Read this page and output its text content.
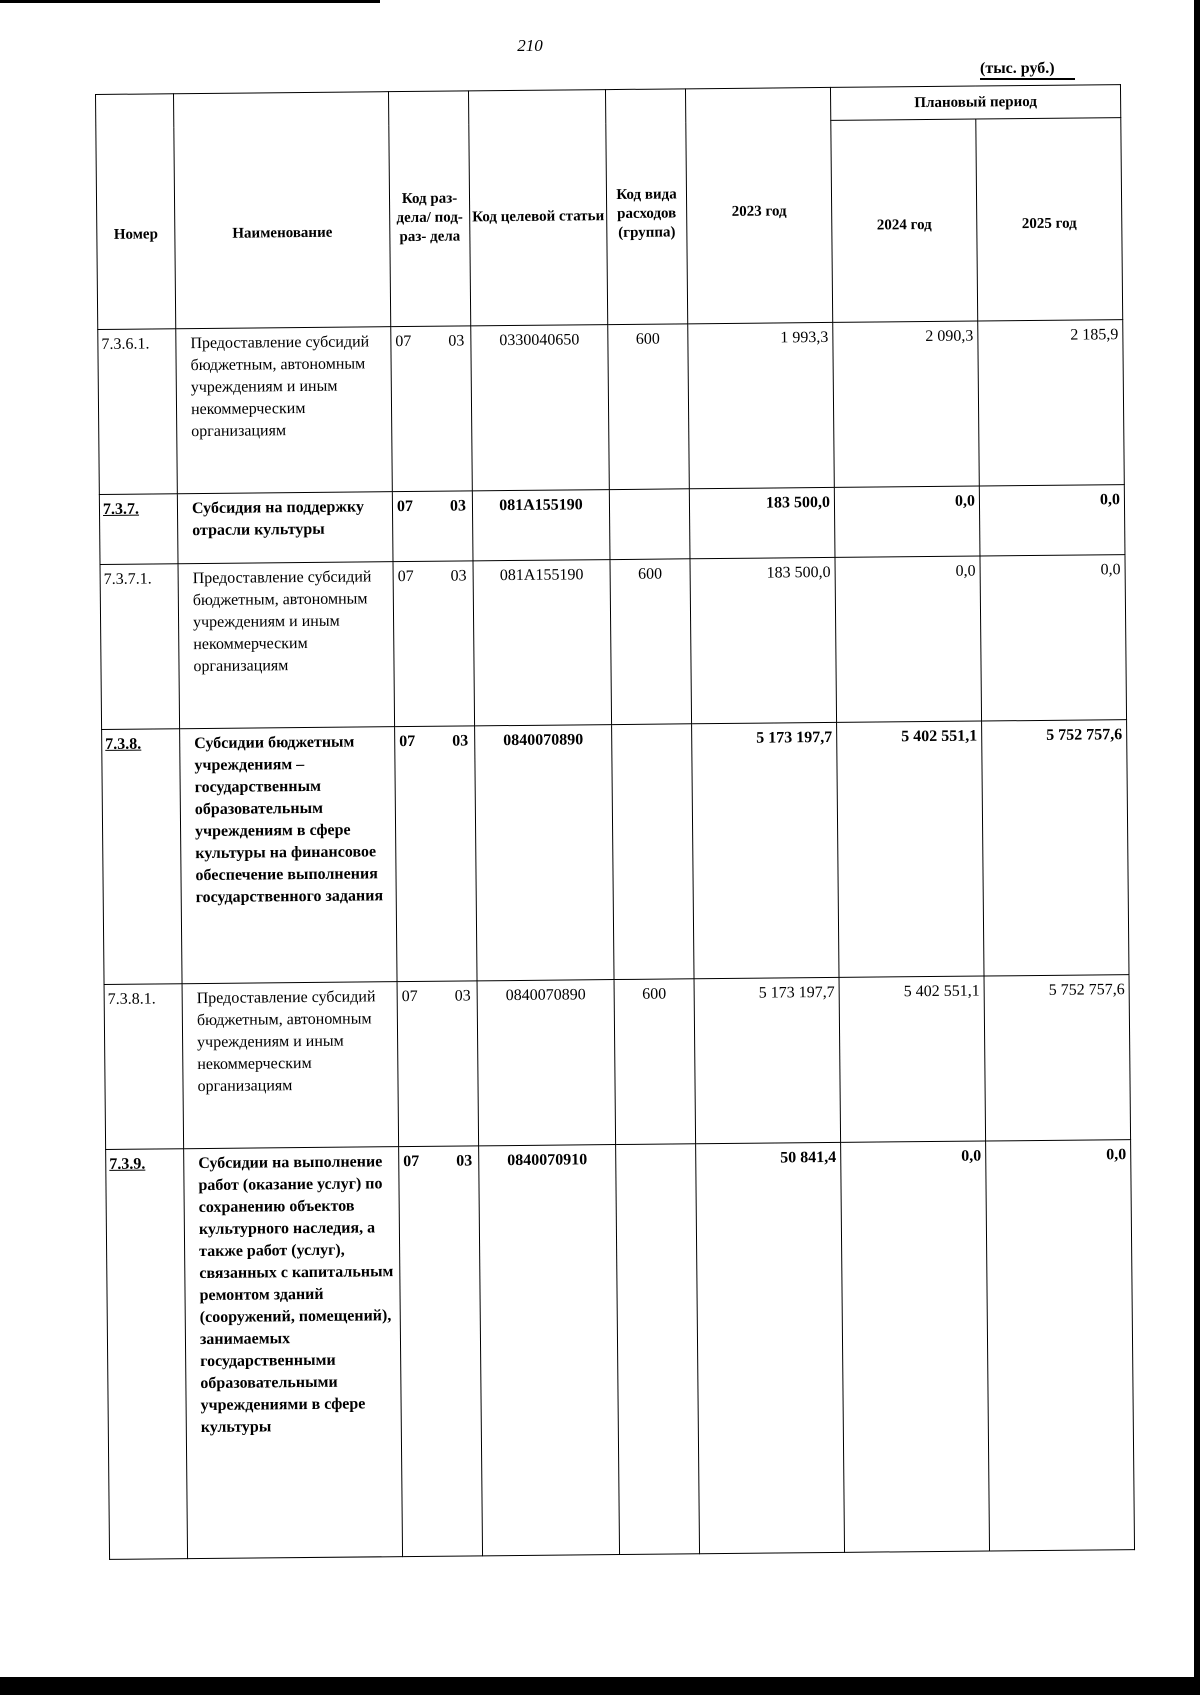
210
(тыс. руб.)
Номер	Наименование	Код раз- дела/ под- раз- дела	Код целевой статьи	Код вида расходов (группа)	2023 год	Плановый период	
						2024 год	2025 год
7.3.6.1.	Предоставление субсидий бюджетным, автономным учреждениям и иным некоммерческим организациям	07 03	0330040650	600	1 993,3	2 090,3	2 185,9
7.3.7.	Субсидия на поддержку отрасли культуры	07 03	081A155190		183 500,0	0,0	0,0
7.3.7.1.	Предоставление субсидий бюджетным, автономным учреждениям и иным некоммерческим организациям	07 03	081A155190	600	183 500,0	0,0	0,0
7.3.8.	Субсидии бюджетным учреждениям – государственным образовательным учреждениям в сфере культуры на финансовое обеспечение выполнения государственного задания	07 03	0840070890		5 173 197,7	5 402 551,1	5 752 757,6
7.3.8.1.	Предоставление субсидий бюджетным, автономным учреждениям и иным некоммерческим организациям	07 03	0840070890	600	5 173 197,7	5 402 551,1	5 752 757,6
7.3.9.	Субсидии на выполнение работ (оказание услуг) по сохранению объектов культурного наследия, а также работ (услуг), связанных с капитальным ремонтом зданий (сооружений, помещений), занимаемых государственными образовательными учреждениями в сфере культуры	07 03	0840070910		50 841,4	0,0	0,0
